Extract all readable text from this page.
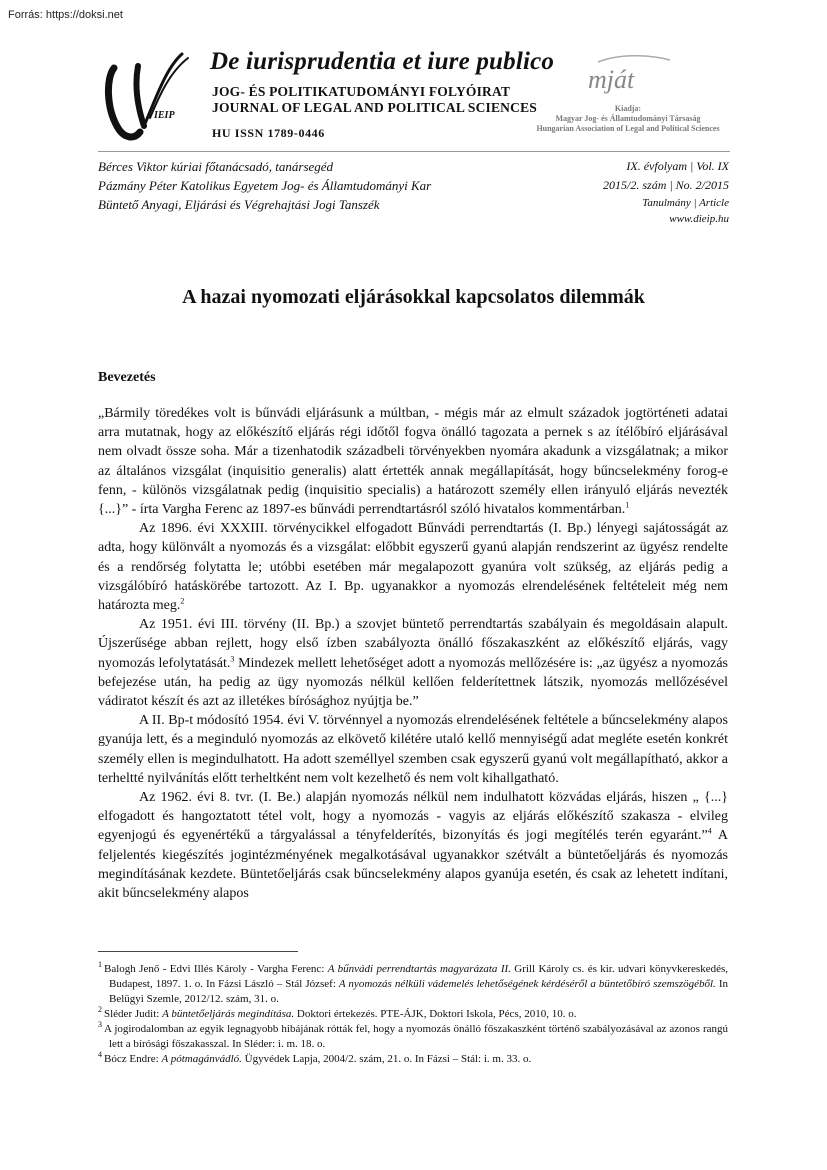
Forrás: https://doksi.net
IEIP
De iurisprudentia et iure publico
JOG- ÉS POLITIKATUDOMÁNYI FOLYÓIRAT
JOURNAL OF LEGAL AND POLITICAL SCIENCES
HU ISSN 1789-0446
mját
Kiadja:
Magyar Jog- és Államtudományi Társaság
Hungarian Association of Legal and Political Sciences
Bérces Viktor kúriai főtanácsadó, tanársegéd
Pázmány Péter Katolikus Egyetem Jog- és Államtudományi Kar
Büntető Anyagi, Eljárási és Végrehajtási Jogi Tanszék
IX. évfolyam | Vol. IX
2015/2. szám | No. 2/2015
Tanulmány | Article
www.dieip.hu
A hazai nyomozati eljárásokkal kapcsolatos dilemmák
Bevezetés

„Bármily töredékes volt is bűnvádi eljárásunk a múltban, - mégis már az elmult századok jogtörténeti adatai arra mutatnak, hogy az előkészítő eljárás régi időtől fogva önálló tagozata a pernek s az ítélőbíró eljárásával nem olvadt össze soha. Már a tizenhatodik századbeli törvényekben nyomára akadunk a vizsgálatnak; a mikor az általános vizsgálat (inquisitio generalis) alatt értették annak megállapítását, hogy bűncselekmény forog-e fenn, - különös vizsgálatnak pedig (inquisitio specialis) a határozott személy ellen irányuló eljárás nevezték {...}” - írta Vargha Ferenc az 1897-es bűnvádi perrendtartásról szóló hivatalos kommentárban.$^1$

Az 1896. évi XXXIII. törvénycikkel elfogadott Bűnvádi perrendtartás (I. Bp.) lényegi sajátosságát az adta, hogy különvált a nyomozás és a vizsgálat: előbbit egyszerű gyanú alapján rendszerint az ügyész rendelte és a rendőrség folytatta le; utóbbi esetében már megalapozott gyanúra volt szükség, az eljárás pedig a vizsgálóbíró hatáskörébe tartozott. Az I. Bp. ugyanakkor a nyomozás elrendelésének feltételeit még nem határozta meg.$^2$

Az 1951. évi III. törvény (II. Bp.) a szovjet büntető perrendtartás szabályain és megoldásain alapult. Újszerűsége abban rejlett, hogy első ízben szabályozta önálló főszakaszként az előkészítő eljárás, vagy nyomozás lefolytatását.$^3$ Mindezek mellett lehetőséget adott a nyomozás mellőzésére is: „az ügyész a nyomozás befejezése után, ha pedig az ügy nyomozás nélkül kellően felderítettnek látszik, nyomozás mellőzésével vádiratot készít és azt az illetékes bírósághoz nyújtja be.”

A II. Bp-t módosító 1954. évi V. törvénnyel a nyomozás elrendelésének feltétele a bűncselekmény alapos gyanúja lett, és a meginduló nyomozás az elkövető kilétére utaló kellő mennyiségű adat megléte esetén konkrét személy ellen is megindulhatott. Ha adott személlyel szemben csak egyszerű gyanú volt megállapítható, akkor a terheltté nyilvánítás előtt terheltként nem volt kezelhető és nem volt kihallgatható.

Az 1962. évi 8. tvr. (I. Be.) alapján nyomozás nélkül nem indulhatott közvádas eljárás, hiszen „ {...} elfogadott és hangoztatott tétel volt, hogy a nyomozás - vagyis az eljárás előkészítő szakasza - elvileg egyenjogú és egyenértékű a tárgyalással a tényfelderítés, bizonyítás és jogi megítélés terén egyaránt.”$^4$ A feljelentés kiegészítés jogintézményének megalkotásával ugyanakkor szétvált a büntetőeljárás és nyomozás megindításának kezdete. Büntetőeljárás csak bűncselekmény alapos gyanúja esetén, és csak az lehetett indítani, akit bűncselekmény alapos

$^1$ Balogh Jenő - Edvi Illés Károly - Vargha Ferenc: A bűnvádi perrendtartás magyarázata II. Grill Károly cs. és kir. udvari könyvkereskedés, Budapest, 1897. 1. o. In Fázsi László – Stál József: A nyomozás nélküli vádemelés lehetőségének kérdéséről a büntetőbíró szemszögéből. In Belügyi Szemle, 2012/12. szám, 31. o.

$^2$ Sléder Judit: A büntetőeljárás megindítása. Doktori értekezés. PTE-ÁJK, Doktori Iskola, Pécs, 2010, 10. o.

$^3$ A jogirodalomban az egyik legnagyobb hibájának rótták fel, hogy a nyomozás önálló főszakaszként történő szabályozásával az azonos rangú lett a bírósági főszakasszal. In Sléder: i. m. 18. o.

$^4$ Bócz Endre: A pótmagánvádló. Ügyvédek Lapja, 2004/2. szám, 21. o. In Fázsi – Stál: i. m. 33. o.
